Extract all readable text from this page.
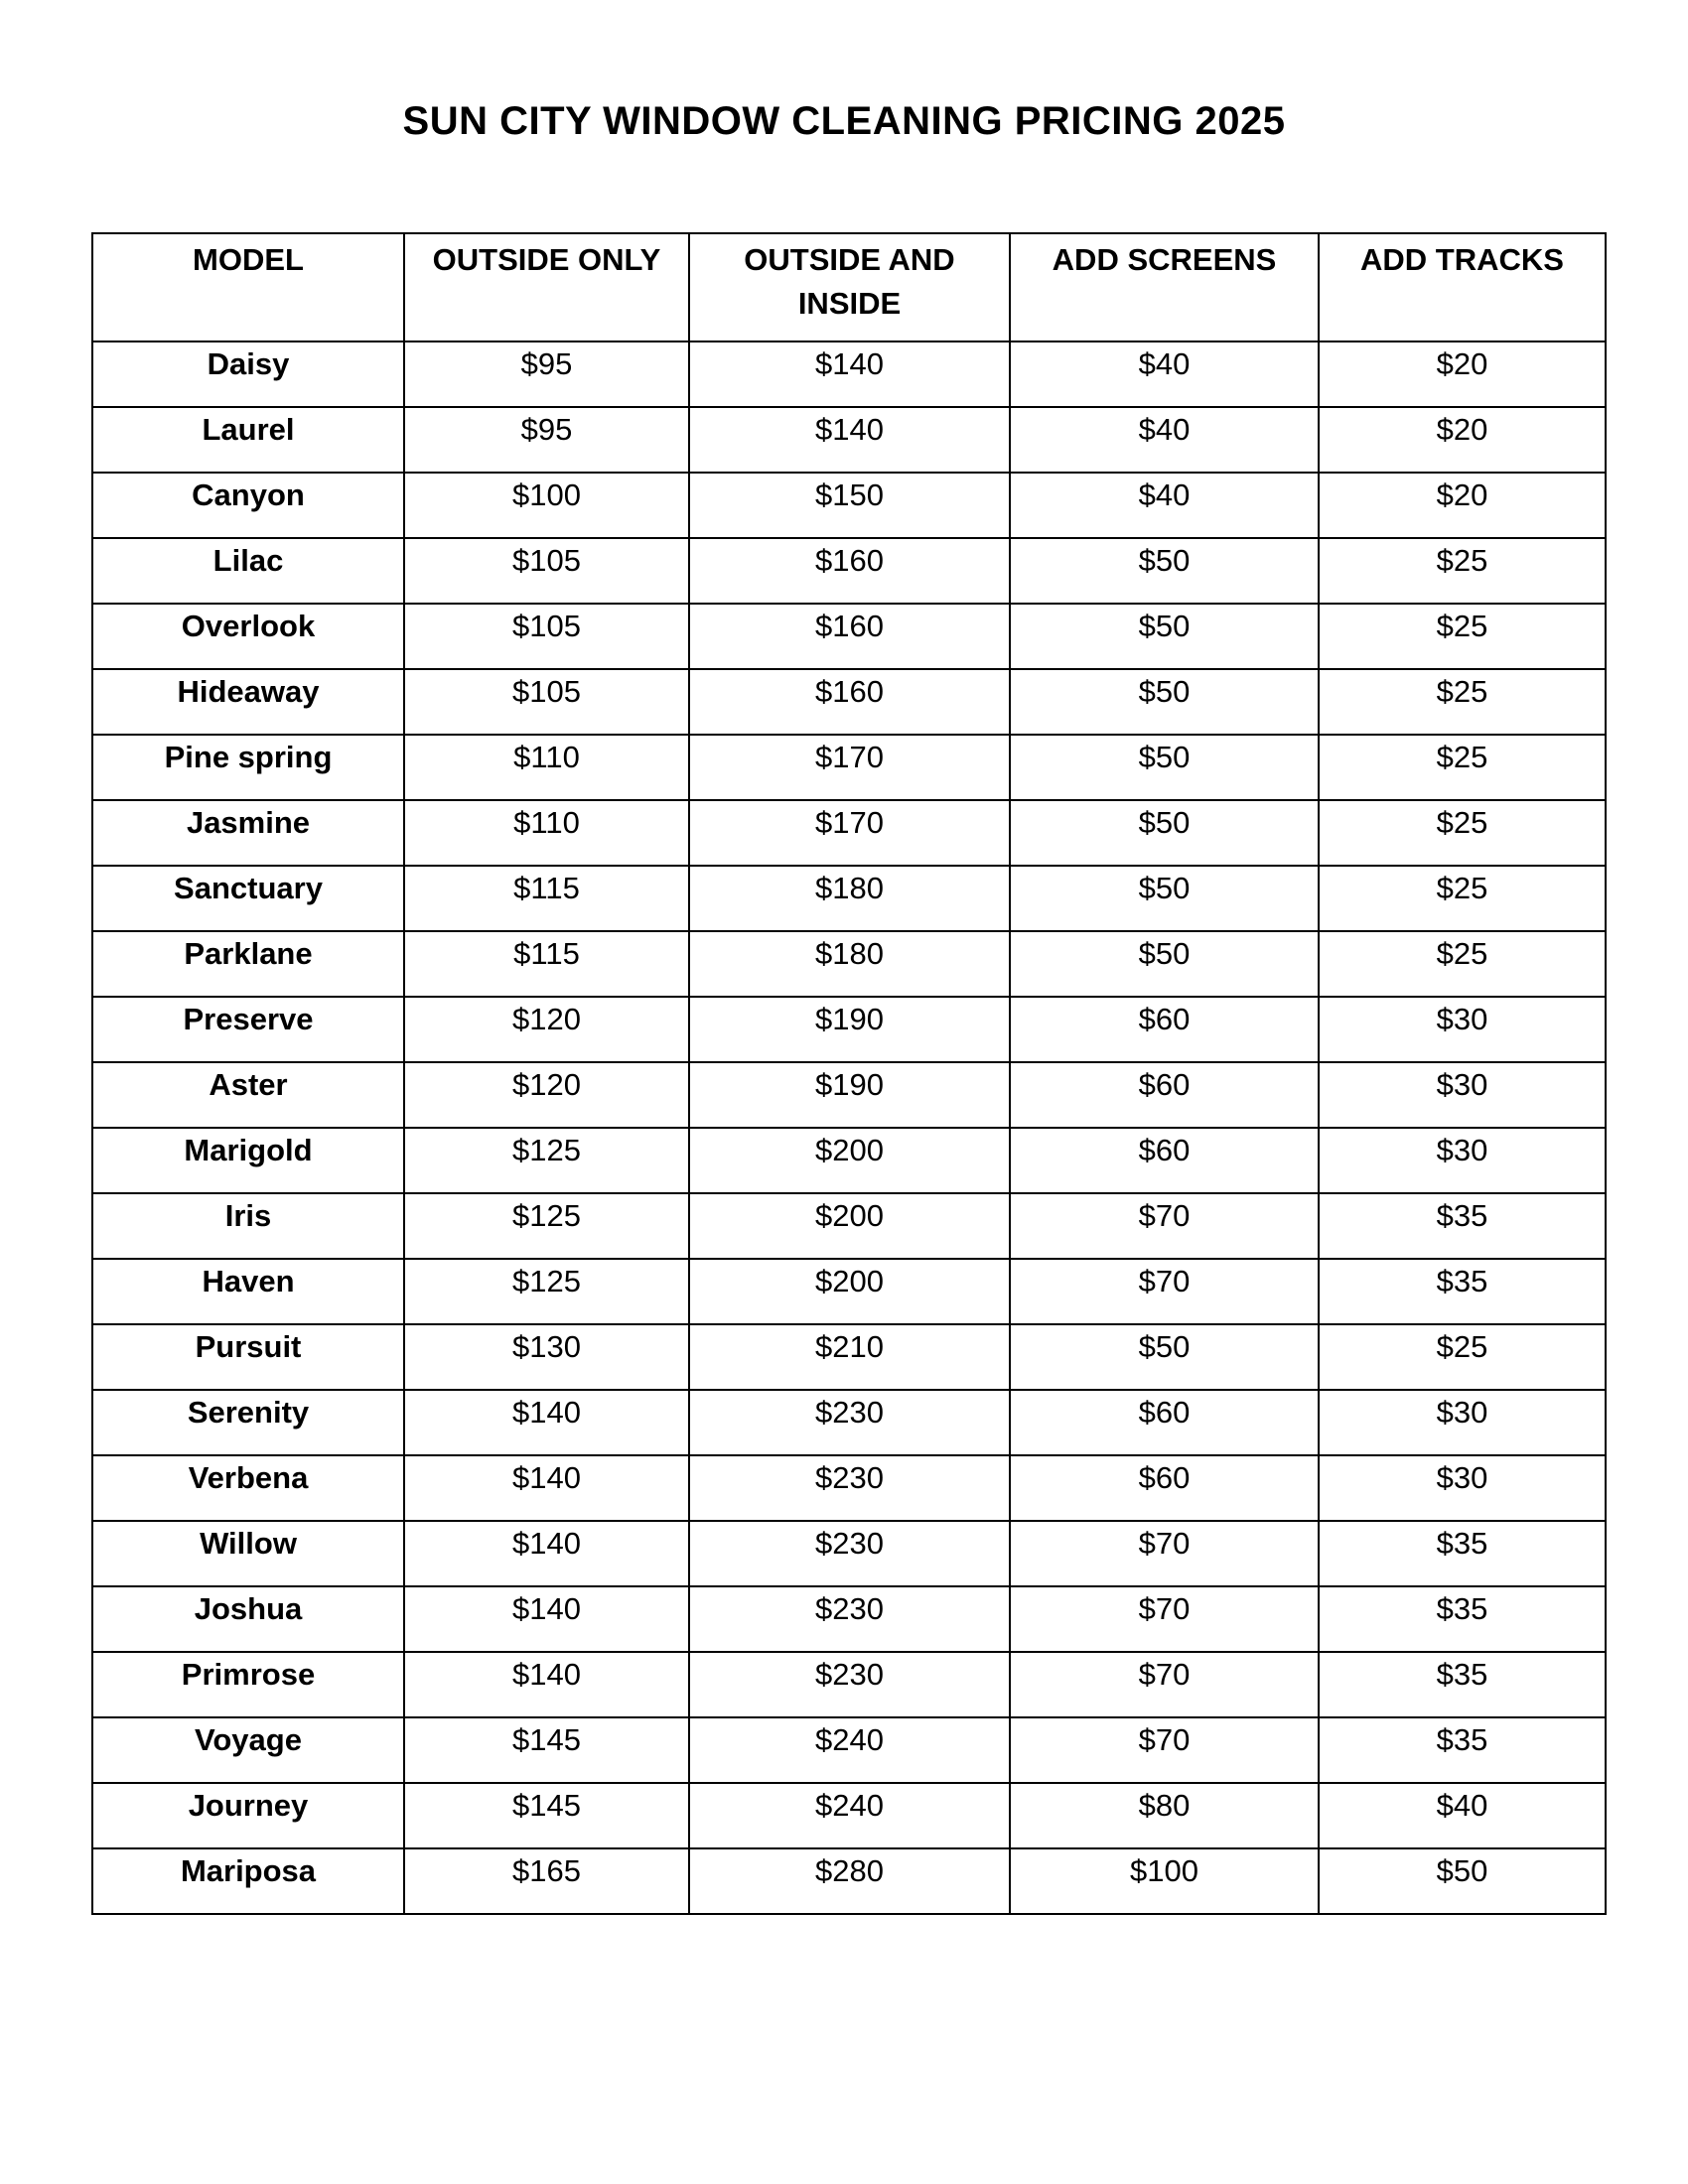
SUN CITY WINDOW CLEANING PRICING 2025
MODEL	OUTSIDE ONLY	OUTSIDE AND INSIDE	ADD SCREENS	ADD TRACKS
Daisy	$95	$140	$40	$20
Laurel	$95	$140	$40	$20
Canyon	$100	$150	$40	$20
Lilac	$105	$160	$50	$25
Overlook	$105	$160	$50	$25
Hideaway	$105	$160	$50	$25
Pine spring	$110	$170	$50	$25
Jasmine	$110	$170	$50	$25
Sanctuary	$115	$180	$50	$25
Parklane	$115	$180	$50	$25
Preserve	$120	$190	$60	$30
Aster	$120	$190	$60	$30
Marigold	$125	$200	$60	$30
Iris	$125	$200	$70	$35
Haven	$125	$200	$70	$35
Pursuit	$130	$210	$50	$25
Serenity	$140	$230	$60	$30
Verbena	$140	$230	$60	$30
Willow	$140	$230	$70	$35
Joshua	$140	$230	$70	$35
Primrose	$140	$230	$70	$35
Voyage	$145	$240	$70	$35
Journey	$145	$240	$80	$40
Mariposa	$165	$280	$100	$50
